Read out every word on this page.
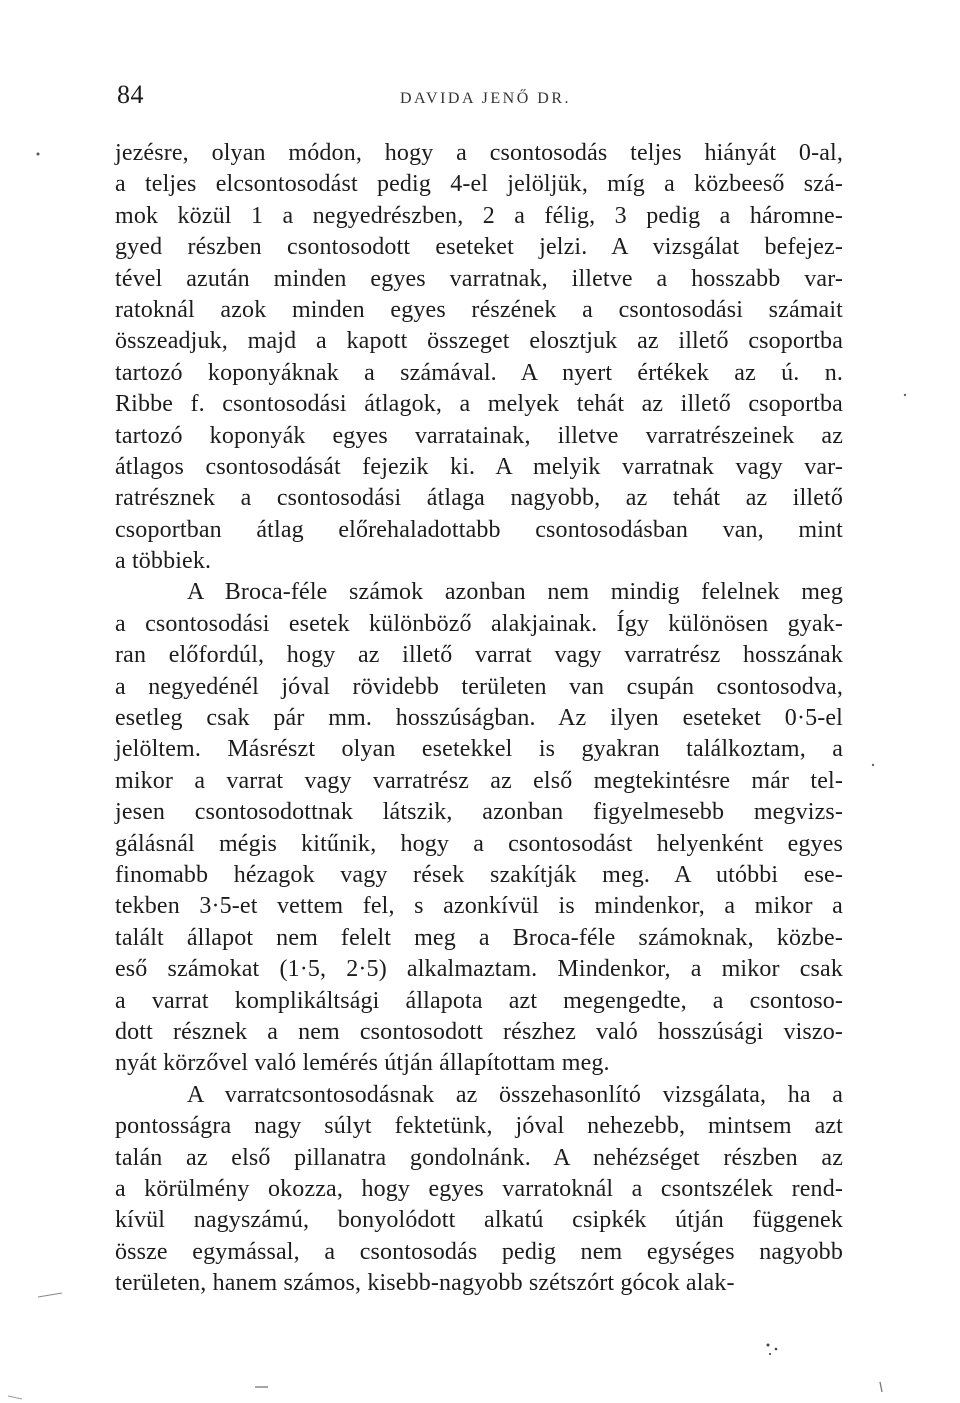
84	DAVIDA JENŐ DR.
jezésre, olyan módon, hogy a csontosodás teljes hiányát 0-al,
a teljes elcsontosodást pedig 4-el jelöljük, míg a közbeeső szá-
mok közül 1 a negyedrészben, 2 a félig, 3 pedig a háromne-
gyed részben csontosodott eseteket jelzi. A vizsgálat befejez-
tével azután minden egyes varratnak, illetve a hosszabb var-
ratoknál azok minden egyes részének a csontosodási számait
összeadjuk, majd a kapott összeget elosztjuk az illető csoportba
tartozó koponyáknak a számával. A nyert értékek az ú. n.
Ribbe f. csontosodási átlagok, a melyek tehát az illető csoportba
tartozó koponyák egyes varratainak, illetve varratrészeinek az
átlagos csontosodását fejezik ki. A melyik varratnak vagy var-
ratrésznek a csontosodási átlaga nagyobb, az tehát az illető
csoportban átlag előrehaladottabb csontosodásban van, mint
a többiek.
A Broca-féle számok azonban nem mindig felelnek meg
a csontosodási esetek különböző alakjainak. Így különösen gyak-
ran előfordúl, hogy az illető varrat vagy varratrész hosszának
a negyedénél jóval rövidebb területen van csupán csontosodva,
esetleg csak pár mm. hosszúságban. Az ilyen eseteket 0·5-el
jelöltem. Másrészt olyan esetekkel is gyakran találkoztam, a
mikor a varrat vagy varratrész az első megtekintésre már tel-
jesen csontosodottnak látszik, azonban figyelmesebb megvizs-
gálásnál mégis kitűnik, hogy a csontosodást helyenként egyes
finomabb hézagok vagy rések szakítják meg. A utóbbi ese-
tekben 3·5-et vettem fel, s azonkívül is mindenkor, a mikor a
talált állapot nem felelt meg a Broca-féle számoknak, közbe-
eső számokat (1·5, 2·5) alkalmaztam. Mindenkor, a mikor csak
a varrat komplikáltsági állapota azt megengedte, a csontoso-
dott résznek a nem csontosodott részhez való hosszúsági viszo-
nyát körzővel való lemérés útján állapítottam meg.
A varratcsontosodásnak az összehasonlító vizsgálata, ha a
pontosságra nagy súlyt fektetünk, jóval nehezebb, mintsem azt
talán az első pillanatra gondolnánk. A nehézséget részben az
a körülmény okozza, hogy egyes varratoknál a csontszélek rend-
kívül nagyszámú, bonyolódott alkatú csipkék útján függenek
össze egymással, a csontosodás pedig nem egységes nagyobb
területen, hanem számos, kisebb-nagyobb szétszórt gócok alak-
